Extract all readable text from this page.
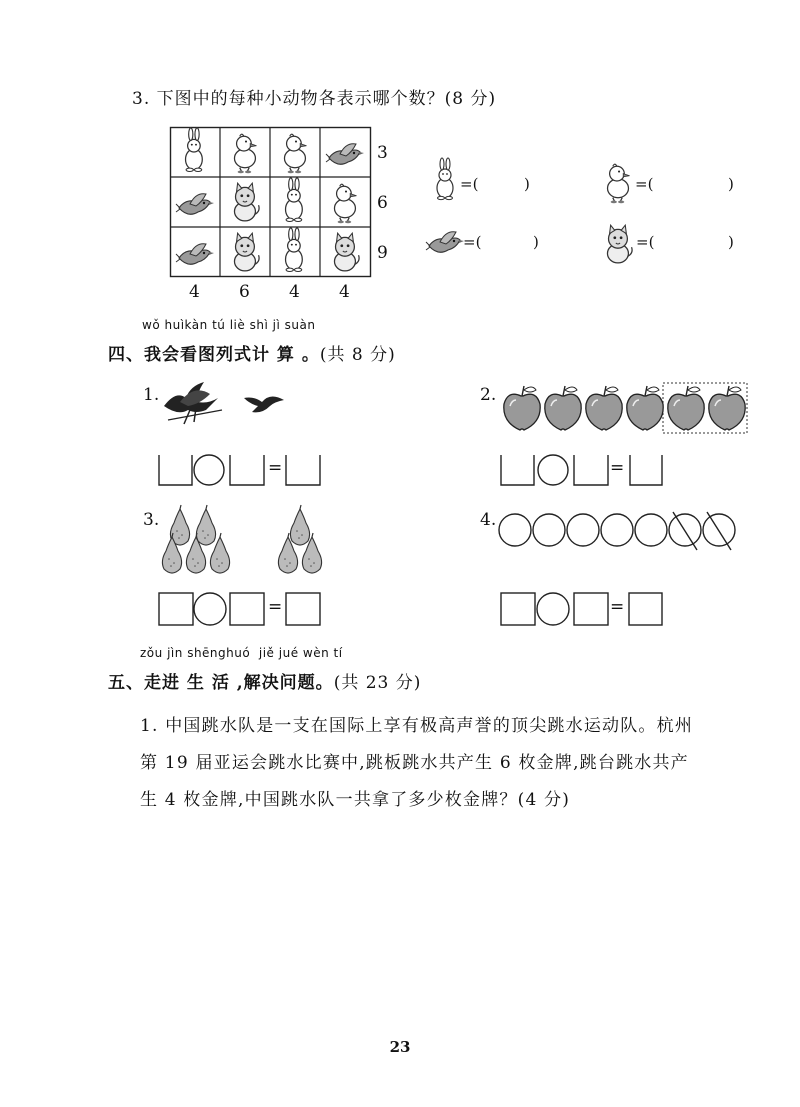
3. 下图中的每种小动物各表示哪个数？(8 分)
3
6
9
4 6 4 4
=(	)	=(	)
=(	)	=(	)
wǒ huìkàn tú liè shì jì suàn
四、我会看图列式计 算 。(共 8 分)
1.
=
2.
=
3.
=
4.
=
zǒu jìn shēnghuó jiě jué wèn tí
五、走进 生 活 ,解决问题。(共 23 分)
1. 中国跳水队是一支在国际上享有极高声誉的顶尖跳水运动队。杭州
第 19 届亚运会跳水比赛中,跳板跳水共产生 6 枚金牌,跳台跳水共产
生 4 枚金牌,中国跳水队一共拿了多少枚金牌？(4 分)
23
